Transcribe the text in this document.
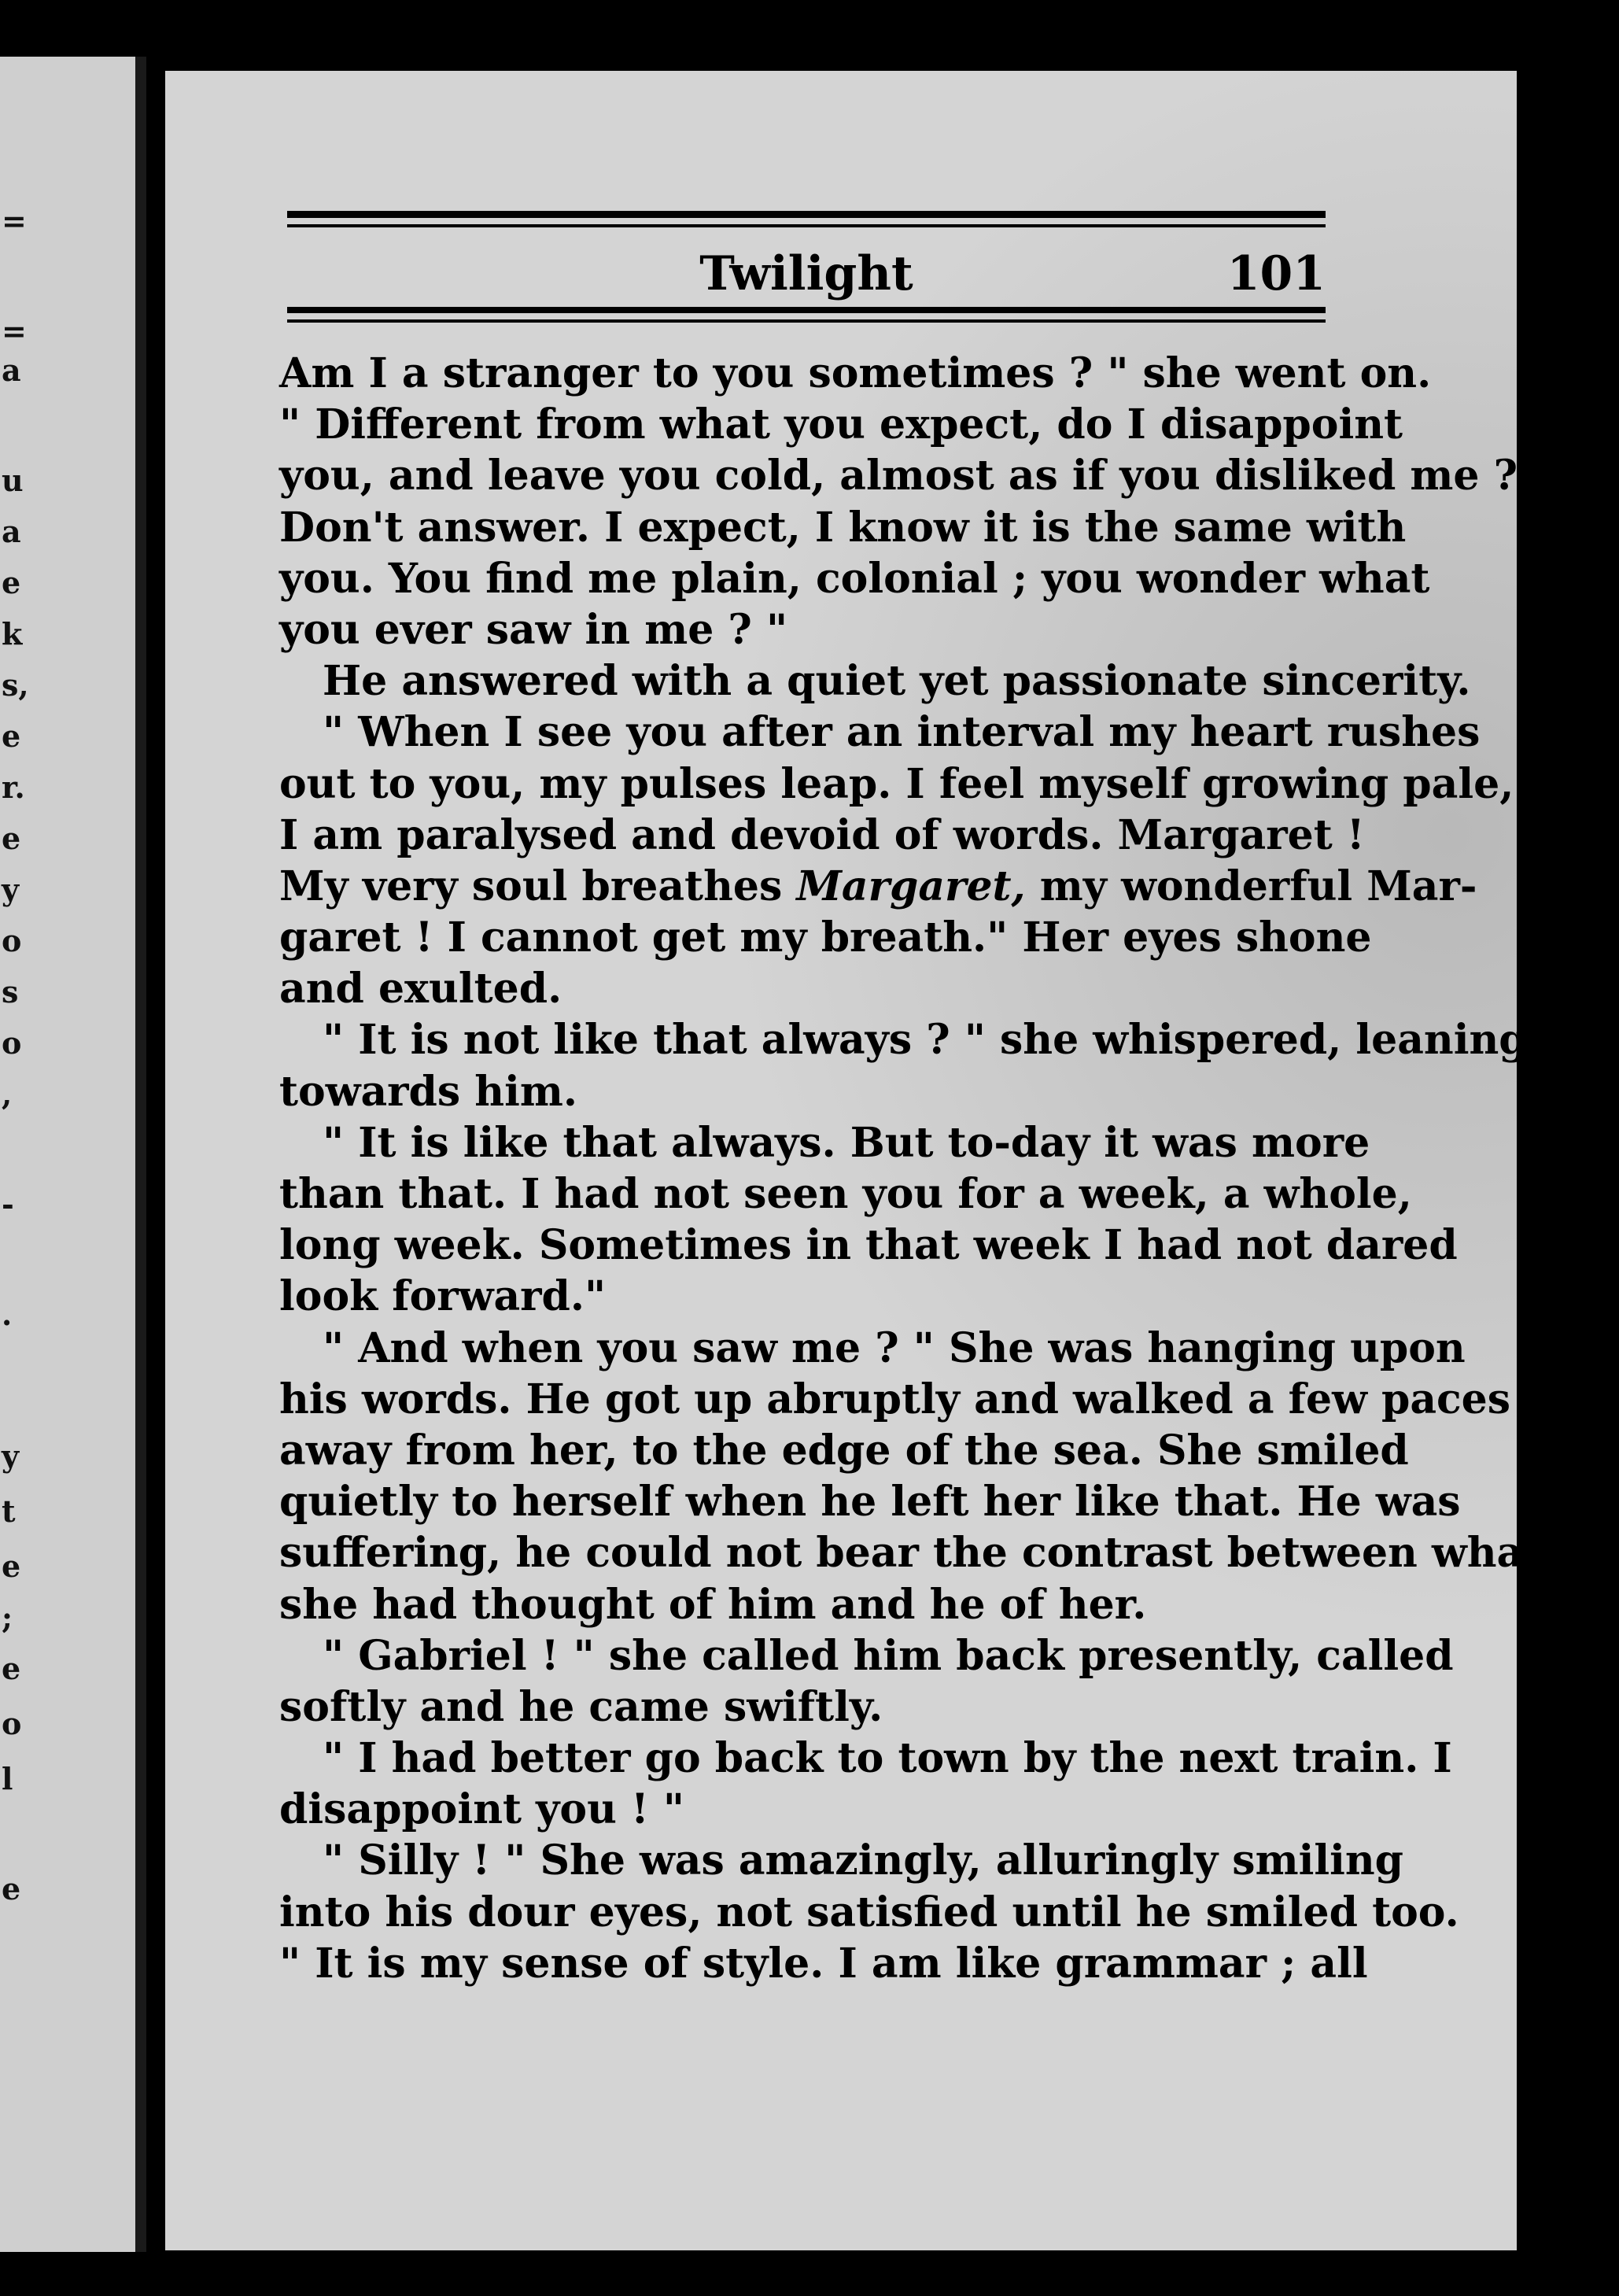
=
=
a
u
a
e
k
s,
e
r.
e
y
o
s
o
,
-
.
y
t
e
;
e
o
l
e
Twilight	101
Am I a stranger to you sometimes ? " she went on.
" Different from what you expect, do I disappoint
you, and leave you cold, almost as if you disliked me ?
Don't answer. I expect, I know it is the same with
you. You find me plain, colonial ; you wonder what
you ever saw in me ? "
He answered with a quiet yet passionate sincerity.
" When I see you after an interval my heart rushes
out to you, my pulses leap. I feel myself growing pale,
I am paralysed and devoid of words. Margaret !
My very soul breathes Margaret, my wonderful Mar-
garet ! I cannot get my breath." Her eyes shone
and exulted.
" It is not like that always ? " she whispered, leaning
towards him.
" It is like that always. But to-day it was more
than that. I had not seen you for a week, a whole,
long week. Sometimes in that week I had not dared
look forward."
" And when you saw me ? " She was hanging upon
his words. He got up abruptly and walked a few paces
away from her, to the edge of the sea. She smiled
quietly to herself when he left her like that. He was
suffering, he could not bear the contrast between what
she had thought of him and he of her.
" Gabriel ! " she called him back presently, called
softly and he came swiftly.
" I had better go back to town by the next train. I
disappoint you ! "
" Silly ! " She was amazingly, alluringly smiling
into his dour eyes, not satisfied until he smiled too.
" It is my sense of style. I am like grammar ; all
